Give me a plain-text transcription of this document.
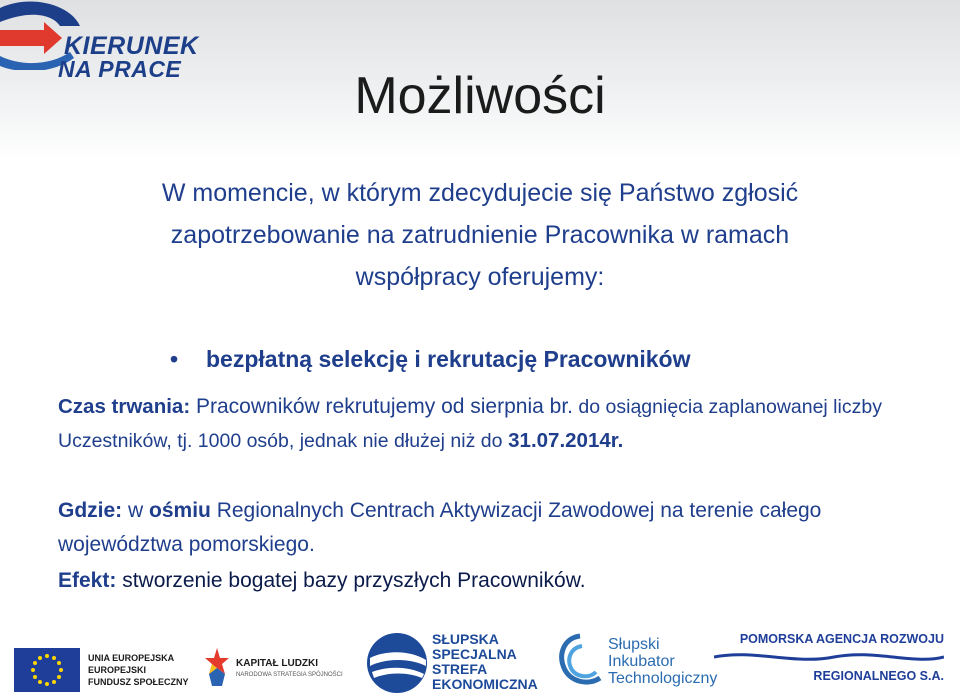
KIERUNEK
NA PRACE	Możliwości
W momencie, w którym zdecydujecie się Państwo zgłosić
zapotrzebowanie na zatrudnienie Pracownika w ramach
współpracy oferujemy:
• bezpłatną selekcję i rekrutację Pracowników
Czas trwania: Pracowników rekrutujemy od sierpnia br. do osiągnięcia zaplanowanej liczby Uczestników, tj. 1000 osób, jednak nie dłużej niż do 31.07.2014r.
Gdzie: w ośmiu Regionalnych Centrach Aktywizacji Zawodowej na terenie całego województwa pomorskiego.
Efekt: stworzenie bogatej bazy przyszłych Pracowników.
UNIA EUROPEJSKA
EUROPEJSKI
FUNDUSZ SPOŁECZNY
KAPITAŁ LUDZKI
NARODOWA STRATEGIA SPÓJNOŚCI
SŁUPSKA
SPECJALNA
STREFA
EKONOMICZNA
Słupski
Inkubator
Technologiczny
POMORSKA AGENCJA ROZWOJU
REGIONALNEGO S.A.
